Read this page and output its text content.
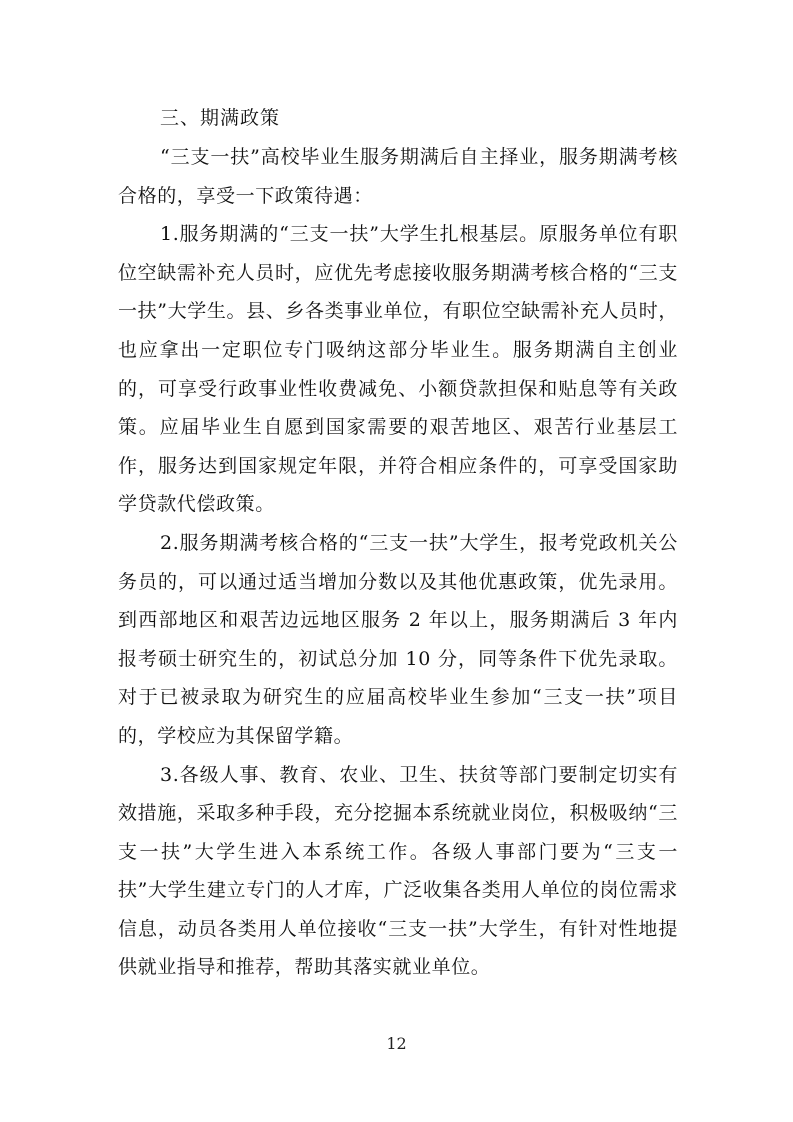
三、期满政策

“三支一扶”高校毕业生服务期满后自主择业，服务期满考核合格的，享受一下政策待遇：

1.服务期满的“三支一扶”大学生扎根基层。原服务单位有职位空缺需补充人员时，应优先考虑接收服务期满考核合格的“三支一扶”大学生。县、乡各类事业单位，有职位空缺需补充人员时，也应拿出一定职位专门吸纳这部分毕业生。服务期满自主创业的，可享受行政事业性收费减免、小额贷款担保和贴息等有关政策。应届毕业生自愿到国家需要的艰苦地区、艰苦行业基层工作，服务达到国家规定年限，并符合相应条件的，可享受国家助学贷款代偿政策。

2.服务期满考核合格的“三支一扶”大学生，报考党政机关公务员的，可以通过适当增加分数以及其他优惠政策，优先录用。到西部地区和艰苦边远地区服务 2 年以上，服务期满后 3 年内报考硕士研究生的，初试总分加 10 分，同等条件下优先录取。对于已被录取为研究生的应届高校毕业生参加“三支一扶”项目的，学校应为其保留学籍。

3.各级人事、教育、农业、卫生、扶贫等部门要制定切实有效措施，采取多种手段，充分挖掘本系统就业岗位，积极吸纳“三支一扶”大学生进入本系统工作。各级人事部门要为“三支一扶”大学生建立专门的人才库，广泛收集各类用人单位的岗位需求信息，动员各类用人单位接收“三支一扶”大学生，有针对性地提供就业指导和推荐，帮助其落实就业单位。

12
